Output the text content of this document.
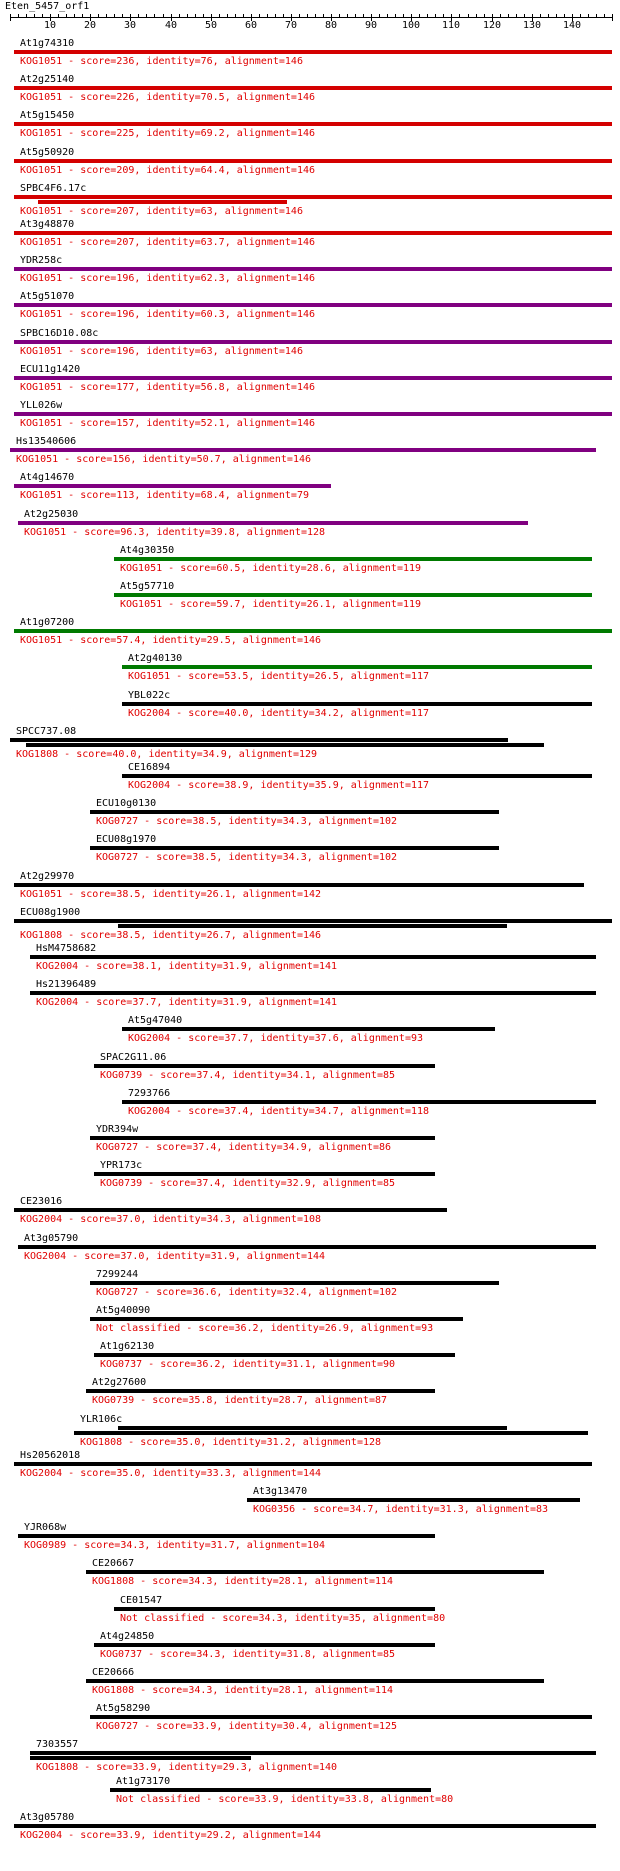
Eten_5457_orf1
10	20	30	40	50	60	70	80	90 100 110 120 130 140
At1g74310
KOG1051 - score=236, identity=76, alignment=146
At2g25140
KOG1051 - score=226, identity=70.5, alignment=146
At5g15450
KOG1051 - score=225, identity=69.2, alignment=146
At5g50920
KOG1051 - score=209, identity=64.4, alignment=146
SPBC4F6.17c
KOG1051 - score=207, identity=63, alignment=146
At3g48870
KOG1051 - score=207, identity=63.7, alignment=146
YDR258c
KOG1051 - score=196, identity=62.3, alignment=146
At5g51070
KOG1051 - score=196, identity=60.3, alignment=146
SPBC16D10.08c
KOG1051 - score=196, identity=63, alignment=146
ECU11g1420
KOG1051 - score=177, identity=56.8, alignment=146
YLL026w
KOG1051 - score=157, identity=52.1, alignment=146
Hs13540606
KOG1051 - score=156, identity=50.7, alignment=146
At4g14670
KOG1051 - score=113, identity=68.4, alignment=79
At2g25030
KOG1051 - score=96.3, identity=39.8, alignment=128
At4g30350
KOG1051 - score=60.5, identity=28.6, alignment=119
At5g57710
KOG1051 - score=59.7, identity=26.1, alignment=119
At1g07200
KOG1051 - score=57.4, identity=29.5, alignment=146
At2g40130
KOG1051 - score=53.5, identity=26.5, alignment=117
YBL022c
KOG2004 - score=40.0, identity=34.2, alignment=117
SPCC737.08
KOG1808 - score=40.0, identity=34.9, alignment=129
CE16894
KOG2004 - score=38.9, identity=35.9, alignment=117
ECU10g0130
KOG0727 - score=38.5, identity=34.3, alignment=102
ECU08g1970
KOG0727 - score=38.5, identity=34.3, alignment=102
At2g29970
KOG1051 - score=38.5, identity=26.1, alignment=142
ECU08g1900
KOG1808 - score=38.5, identity=26.7, alignment=146
HsM4758682
KOG2004 - score=38.1, identity=31.9, alignment=141
Hs21396489
KOG2004 - score=37.7, identity=31.9, alignment=141
At5g47040
KOG2004 - score=37.7, identity=37.6, alignment=93
SPAC2G11.06
KOG0739 - score=37.4, identity=34.1, alignment=85
7293766
KOG2004 - score=37.4, identity=34.7, alignment=118
YDR394w
KOG0727 - score=37.4, identity=34.9, alignment=86
YPR173c
KOG0739 - score=37.4, identity=32.9, alignment=85
CE23016
KOG2004 - score=37.0, identity=34.3, alignment=108
At3g05790
KOG2004 - score=37.0, identity=31.9, alignment=144
7299244
KOG0727 - score=36.6, identity=32.4, alignment=102
At5g40090
Not classified - score=36.2, identity=26.9, alignment=93
At1g62130
KOG0737 - score=36.2, identity=31.1, alignment=90
At2g27600
KOG0739 - score=35.8, identity=28.7, alignment=87
YLR106c
KOG1808 - score=35.0, identity=31.2, alignment=128
Hs20562018
KOG2004 - score=35.0, identity=33.3, alignment=144
At3g13470
KOG0356 - score=34.7, identity=31.3, alignment=83
YJR068w
KOG0989 - score=34.3, identity=31.7, alignment=104
CE20667
KOG1808 - score=34.3, identity=28.1, alignment=114
CE01547
Not classified - score=34.3, identity=35, alignment=80
At4g24850
KOG0737 - score=34.3, identity=31.8, alignment=85
CE20666
KOG1808 - score=34.3, identity=28.1, alignment=114
At5g58290
KOG0727 - score=33.9, identity=30.4, alignment=125
7303557
KOG1808 - score=33.9, identity=29.3, alignment=140
At1g73170
Not classified - score=33.9, identity=33.8, alignment=80
At3g05780
KOG2004 - score=33.9, identity=29.2, alignment=144
